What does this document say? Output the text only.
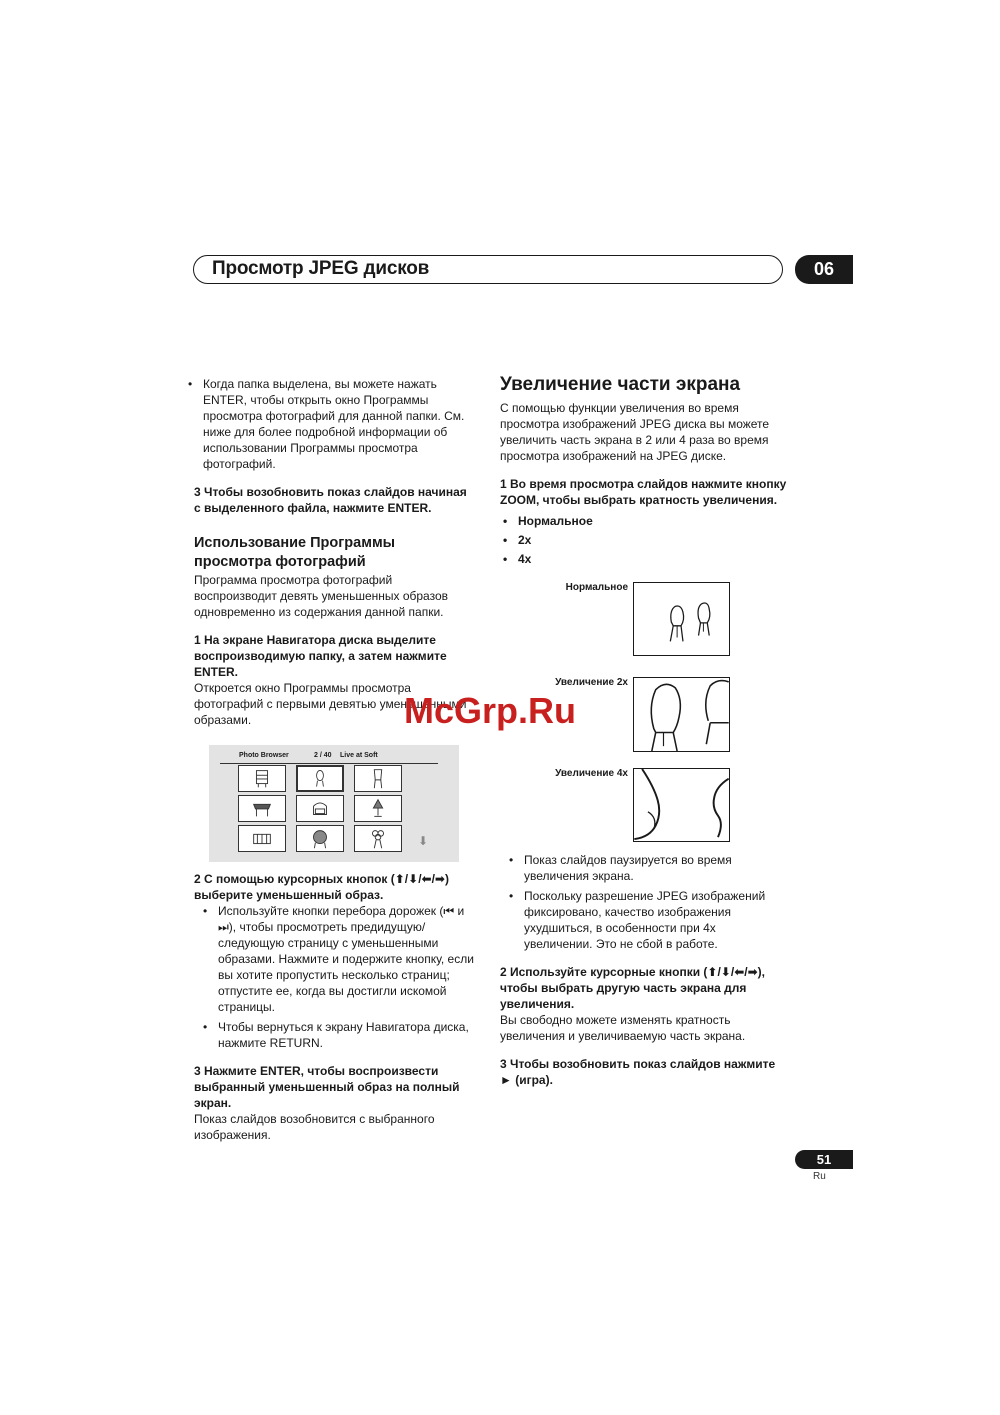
Просмотр JPEG дисков	06

• Когда папка выделена, вы можете нажать ENTER, чтобы открыть окно Программы просмотра фотографий для данной папки. См. ниже для более подробной информации об использовании Программы просмотра фотографий.

3 Чтобы возобновить показ слайдов начиная с выделенного файла, нажмите ENTER.

Использование Программы просмотра фотографий

Программа просмотра фотографий воспроизводит девять уменьшенных образов одновременно из содержания данной папки.

1 На экране Навигатора диска выделите воспроизводимую папку, а затем нажмите ENTER.

Откроется окно Программы просмотра фотографий с первыми девятью уменьшенными образами.

Photo Browser	2 / 40 Live at Soft
⬇

2 С помощью курсорных кнопок (⬆/⬇/⬅/➡) выберите уменьшенный образ.

• Используйте кнопки перебора дорожек (⏮ и ⏭), чтобы просмотреть предидущую/следующую страницу с уменьшенными образами. Нажмите и подержите кнопку, если вы хотите пропустить несколько страниц; отпустите ее, когда вы достигли искомой страницы.

• Чтобы вернуться к экрану Навигатора диска, нажмите RETURN.

3 Нажмите ENTER, чтобы воспроизвести выбранный уменьшенный образ на полный экран.

Показ слайдов возобновится с выбранного изображения.

Увеличение части экрана

С помощью функции увеличения во время просмотра изображений JPEG диска вы можете увеличить часть экрана в 2 или 4 раза во время просмотра изображений на JPEG диске.

1 Во время просмотра слайдов нажмите кнопку ZOOM, чтобы выбрать кратность увеличения.

• Нормальное

• 2x

• 4x

Нормальное
Увеличение 2x
Увеличение 4x

• Показ слайдов паузируется во время увеличения экрана.

• Поскольку разрешение JPEG изображений фиксировано, качество изображения ухудшиться, в особенности при 4x увеличении. Это не сбой в работе.

2 Используйте курсорные кнопки (⬆/⬇/⬅/➡), чтобы выбрать другую часть экрана для увеличения.

Вы свободно можете изменять кратность увеличения и увеличиваемую часть экрана.

3 Чтобы возобновить показ слайдов нажмите ► (игра).

McGrp.Ru
51
Ru
